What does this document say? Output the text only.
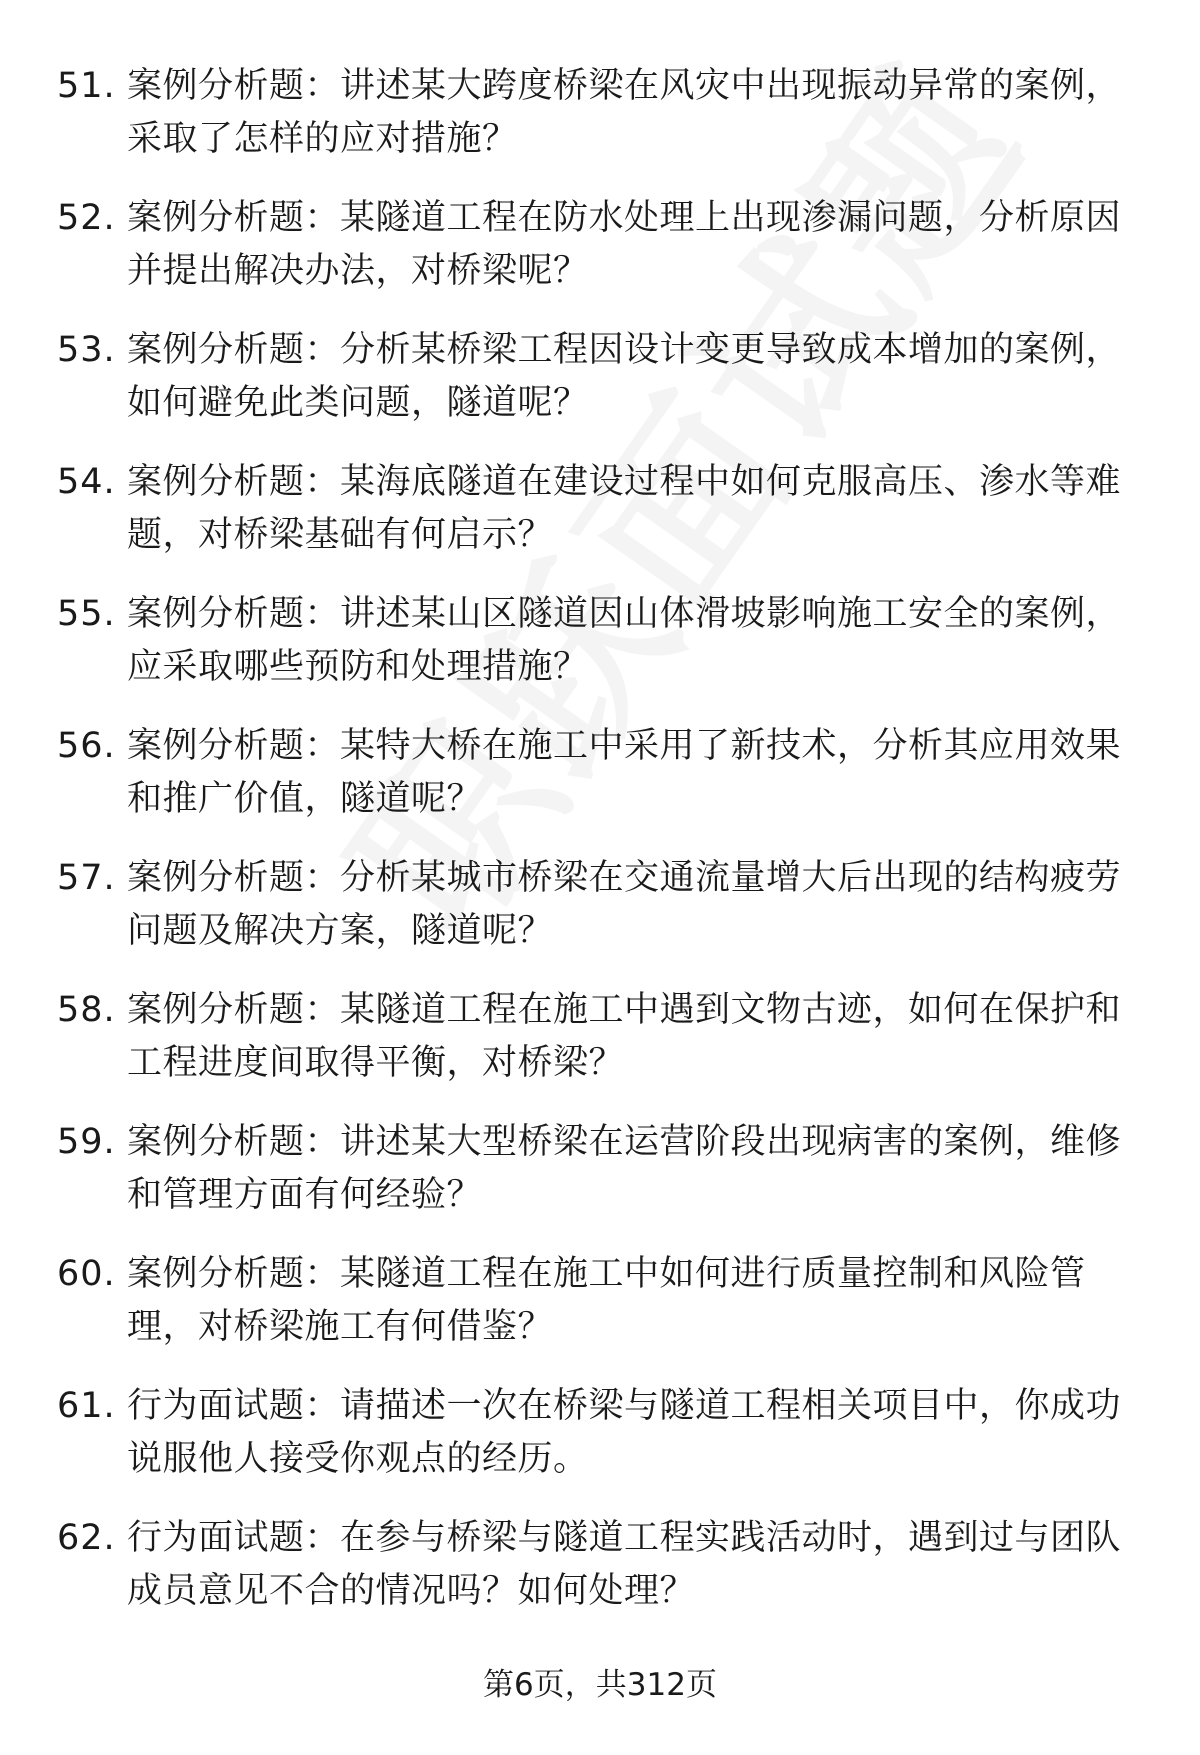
51. 案例分析题：讲述某大跨度桥梁在风灾中出现振动异常的案例，采取了怎样的应对措施？
52. 案例分析题：某隧道工程在防水处理上出现渗漏问题，分析原因并提出解决办法，对桥梁呢？
53. 案例分析题：分析某桥梁工程因设计变更导致成本增加的案例，如何避免此类问题，隧道呢？
54. 案例分析题：某海底隧道在建设过程中如何克服高压、渗水等难题，对桥梁基础有何启示？
55. 案例分析题：讲述某山区隧道因山体滑坡影响施工安全的案例，应采取哪些预防和处理措施？
56. 案例分析题：某特大桥在施工中采用了新技术，分析其应用效果和推广价值，隧道呢？
57. 案例分析题：分析某城市桥梁在交通流量增大后出现的结构疲劳问题及解决方案，隧道呢？
58. 案例分析题：某隧道工程在施工中遇到文物古迹，如何在保护和工程进度间取得平衡，对桥梁？
59. 案例分析题：讲述某大型桥梁在运营阶段出现病害的案例，维修和管理方面有何经验？
60. 案例分析题：某隧道工程在施工中如何进行质量控制和风险管理，对桥梁施工有何借鉴？
61. 行为面试题：请描述一次在桥梁与隧道工程相关项目中，你成功说服他人接受你观点的经历。
62. 行为面试题：在参与桥梁与隧道工程实践活动时，遇到过与团队成员意见不合的情况吗？如何处理？
第6页，共312页
